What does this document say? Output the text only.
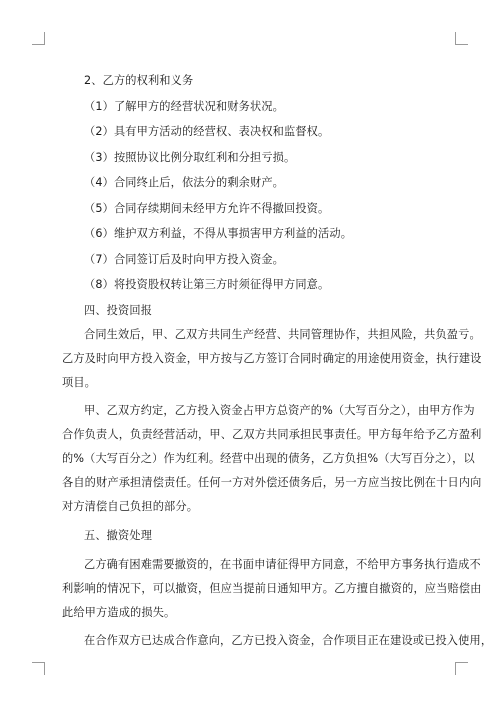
2、乙方的权利和义务
（1）了解甲方的经营状况和财务状况。
（2）具有甲方活动的经营权、表决权和监督权。
（3）按照协议比例分取红利和分担亏损。
（4）合同终止后，依法分的剩余财产。
（5）合同存续期间未经甲方允许不得撤回投资。
（6）维护双方利益，不得从事损害甲方利益的活动。
（7）合同签订后及时向甲方投入资金。
（8）将投资股权转让第三方时须征得甲方同意。
四、投资回报
合同生效后，甲、乙双方共同生产经营、共同管理协作，共担风险，共负盈亏。
乙方及时向甲方投入资金，甲方按与乙方签订合同时确定的用途使用资金，执行建设
项目。
甲、乙双方约定，乙方投入资金占甲方总资产的%（大写百分之），由甲方作为
合作负责人，负责经营活动，甲、乙双方共同承担民事责任。甲方每年给予乙方盈利
的%（大写百分之）作为红利。经营中出现的债务，乙方负担%（大写百分之），以
各自的财产承担清偿责任。任何一方对外偿还债务后，另一方应当按比例在十日内向
对方清偿自己负担的部分。
五、撤资处理
乙方确有困难需要撤资的，在书面申请征得甲方同意，不给甲方事务执行造成不
利影响的情况下，可以撤资，但应当提前日通知甲方。乙方擅自撤资的，应当赔偿由
此给甲方造成的损失。
在合作双方已达成合作意向，乙方已投入资金，合作项目正在建设或已投入使用，
